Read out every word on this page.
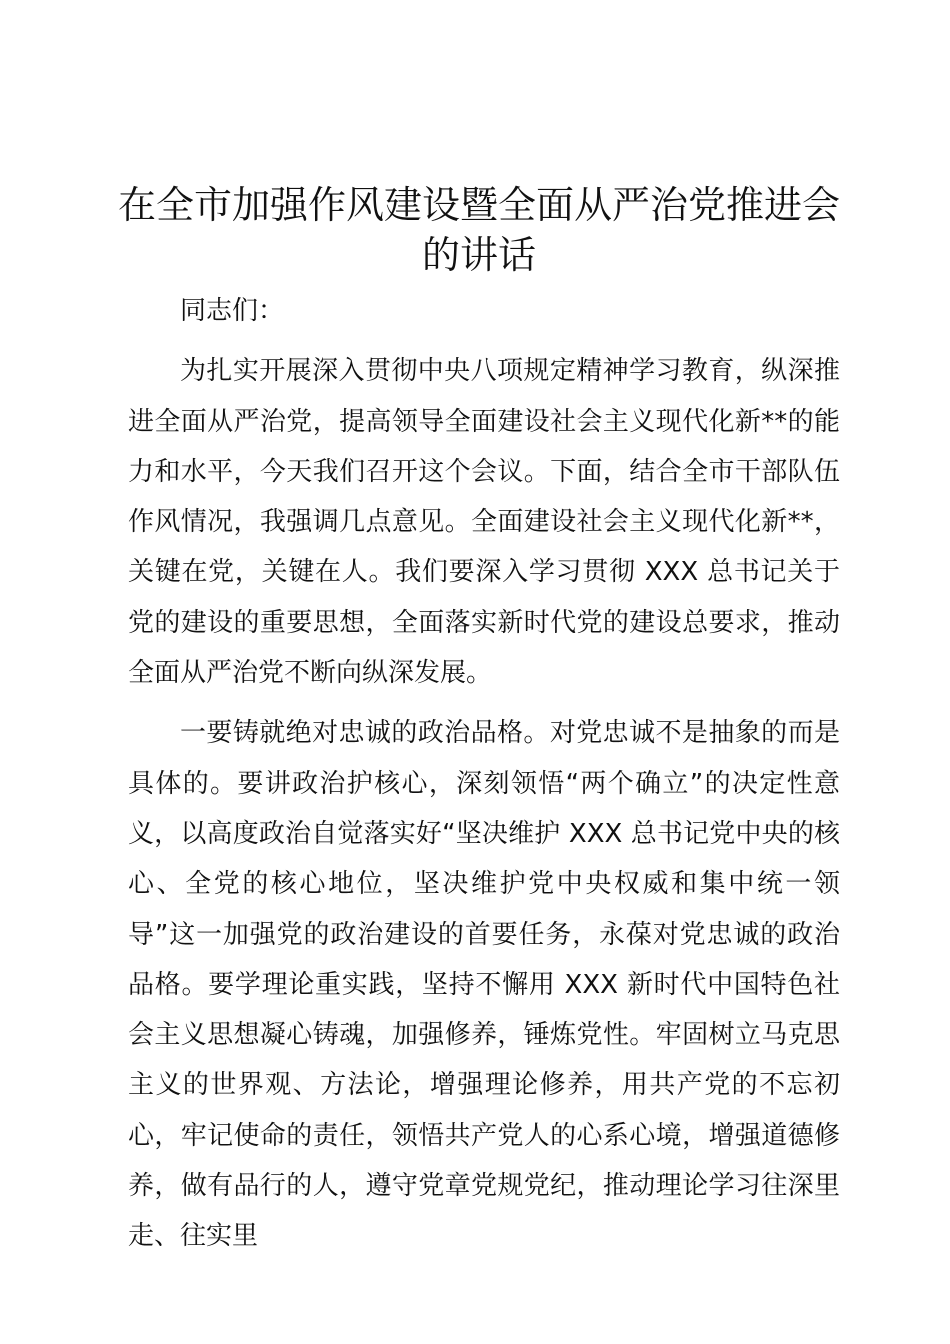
在全市加强作风建设暨全面从严治党推进会的讲话

同志们：

为扎实开展深入贯彻中央八项规定精神学习教育，纵深推进全面从严治党，提高领导全面建设社会主义现代化新**的能力和水平，今天我们召开这个会议。下面，结合全市干部队伍作风情况，我强调几点意见。全面建设社会主义现代化新**，关键在党，关键在人。我们要深入学习贯彻 XXX 总书记关于党的建设的重要思想，全面落实新时代党的建设总要求，推动全面从严治党不断向纵深发展。

一要铸就绝对忠诚的政治品格。对党忠诚不是抽象的而是具体的。要讲政治护核心，深刻领悟“两个确立”的决定性意义，以高度政治自觉落实好“坚决维护 XXX 总书记党中央的核心、全党的核心地位，坚决维护党中央权威和集中统一领导”这一加强党的政治建设的首要任务，永葆对党忠诚的政治品格。要学理论重实践，坚持不懈用 XXX 新时代中国特色社会主义思想凝心铸魂，加强修养，锤炼党性。牢固树立马克思主义的世界观、方法论，增强理论修养，用共产党的不忘初心，牢记使命的责任，领悟共产党人的心系心境，增强道德修养，做有品行的人，遵守党章党规党纪，推动理论学习往深里走、往实里
